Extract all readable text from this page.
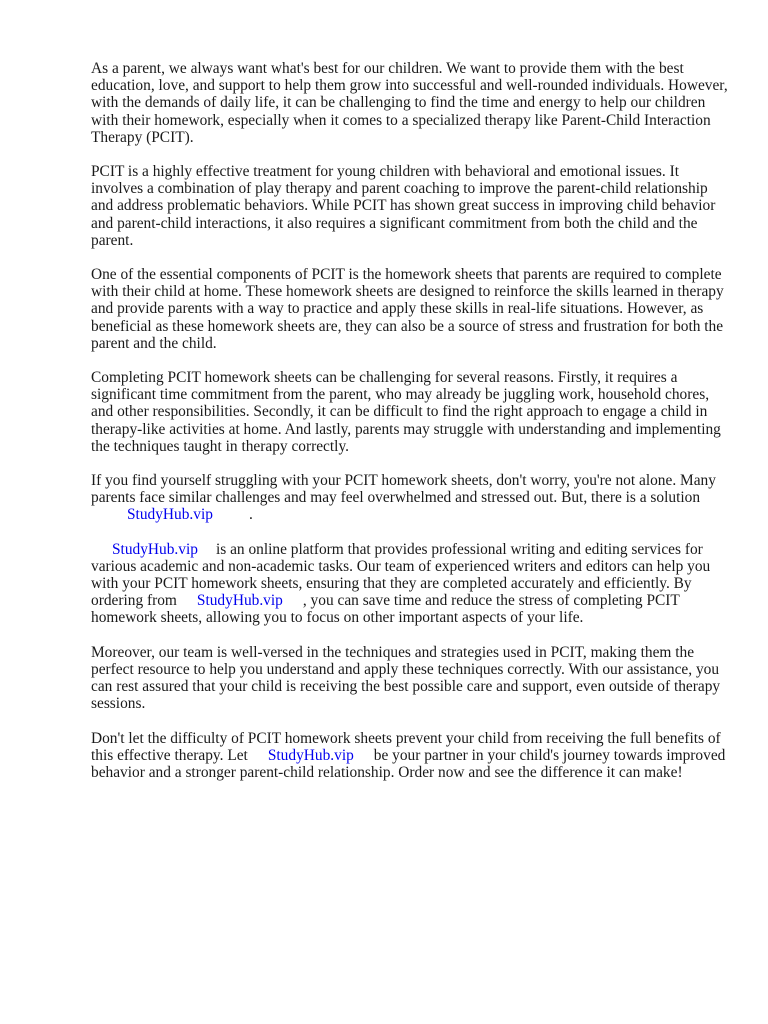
As a parent, we always want what's best for our children. We want to provide them with the best education, love, and support to help them grow into successful and well-rounded individuals. However, with the demands of daily life, it can be challenging to find the time and energy to help our children with their homework, especially when it comes to a specialized therapy like Parent-Child Interaction Therapy (PCIT).

PCIT is a highly effective treatment for young children with behavioral and emotional issues. It involves a combination of play therapy and parent coaching to improve the parent-child relationship and address problematic behaviors. While PCIT has shown great success in improving child behavior and parent-child interactions, it also requires a significant commitment from both the child and the parent.

One of the essential components of PCIT is the homework sheets that parents are required to complete with their child at home. These homework sheets are designed to reinforce the skills learned in therapy and provide parents with a way to practice and apply these skills in real-life situations. However, as beneficial as these homework sheets are, they can also be a source of stress and frustration for both the parent and the child.

Completing PCIT homework sheets can be challenging for several reasons. Firstly, it requires a significant time commitment from the parent, who may already be juggling work, household chores, and other responsibilities. Secondly, it can be difficult to find the right approach to engage a child in therapy-like activities at home. And lastly, parents may struggle with understanding and implementing the techniques taught in therapy correctly.

If you find yourself struggling with your PCIT homework sheets, don't worry, you're not alone. Many parents face similar challenges and may feel overwhelmed and stressed out. But, there is a solutionStudyHub.vip .

StudyHub.vip is an online platform that provides professional writing and editing services for various academic and non-academic tasks. Our team of experienced writers and editors can help you with your PCIT homework sheets, ensuring that they are completed accurately and efficiently. By ordering from StudyHub.vip , you can save time and reduce the stress of completing PCIT homework sheets, allowing you to focus on other important aspects of your life.

Moreover, our team is well-versed in the techniques and strategies used in PCIT, making them the perfect resource to help you understand and apply these techniques correctly. With our assistance, you can rest assured that your child is receiving the best possible care and support, even outside of therapy sessions.

Don't let the difficulty of PCIT homework sheets prevent your child from receiving the full benefits of this effective therapy. Let StudyHub.vip be your partner in your child's journey towards improved behavior and a stronger parent-child relationship. Order now and see the difference it can make!
